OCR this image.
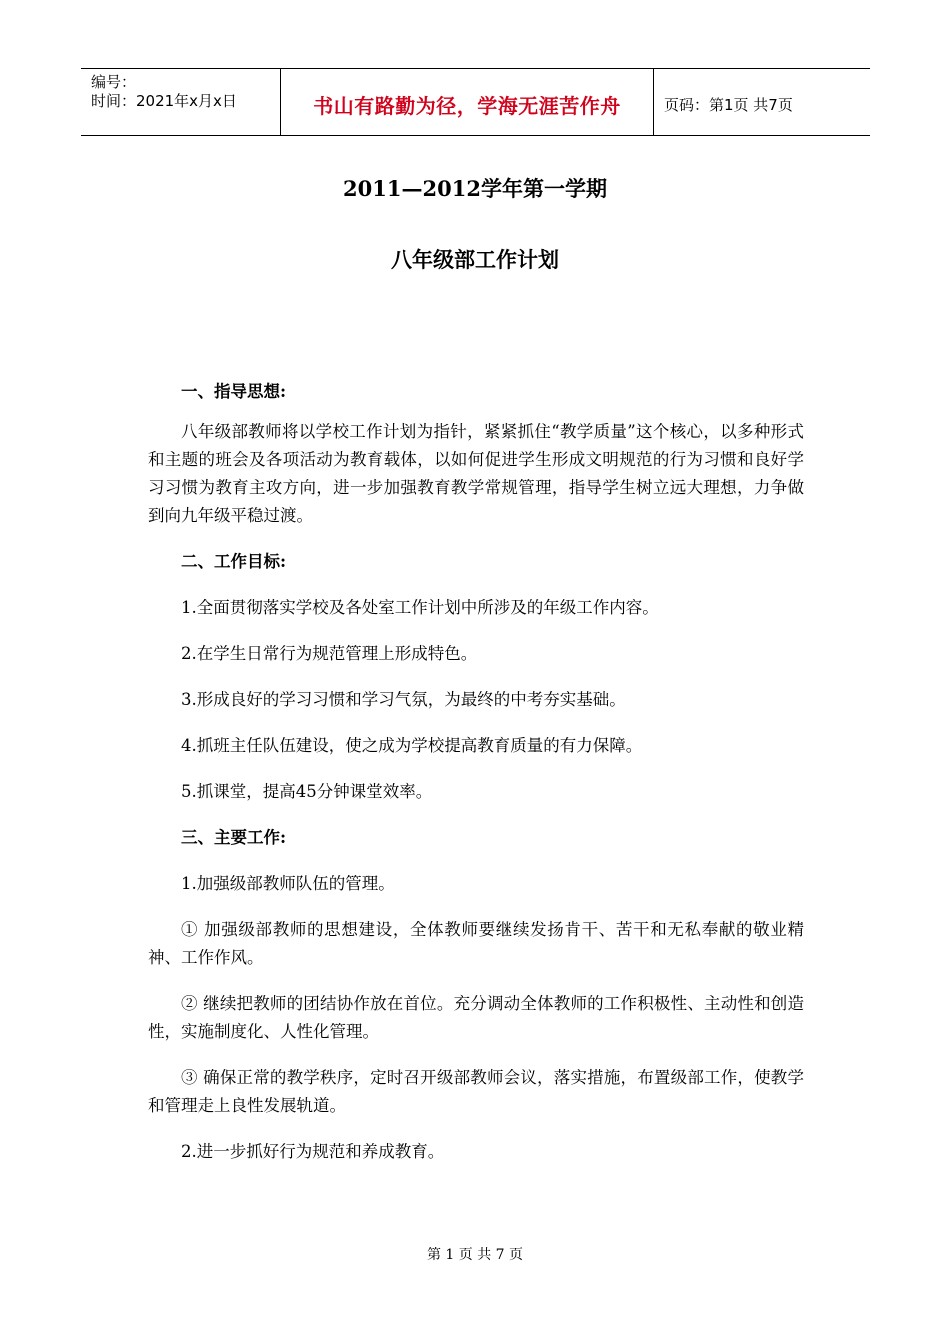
编号：
时间：2021年x月x日	书山有路勤为径，学海无涯苦作舟	页码：第1页 共7页
2011—2012学年第一学期
八年级部工作计划

一、指导思想:

八年级部教师将以学校工作计划为指针，紧紧抓住“教学质量”这个核心，以多种形式和主题的班会及各项活动为教育载体，以如何促进学生形成文明规范的行为习惯和良好学习习惯为教育主攻方向，进一步加强教育教学常规管理，指导学生树立远大理想，力争做到向九年级平稳过渡。

二、工作目标:

1.全面贯彻落实学校及各处室工作计划中所涉及的年级工作内容。

2.在学生日常行为规范管理上形成特色。

3.形成良好的学习习惯和学习气氛，为最终的中考夯实基础。

4.抓班主任队伍建设，使之成为学校提高教育质量的有力保障。

5.抓课堂，提高45分钟课堂效率。

三、主要工作:

1.加强级部教师队伍的管理。

① 加强级部教师的思想建设，全体教师要继续发扬肯干、苦干和无私奉献的敬业精神、工作作风。

② 继续把教师的团结协作放在首位。充分调动全体教师的工作积极性、主动性和创造性，实施制度化、人性化管理。

③ 确保正常的教学秩序，定时召开级部教师会议，落实措施，布置级部工作，使教学和管理走上良性发展轨道。

2.进一步抓好行为规范和养成教育。

第 1 页 共 7 页
